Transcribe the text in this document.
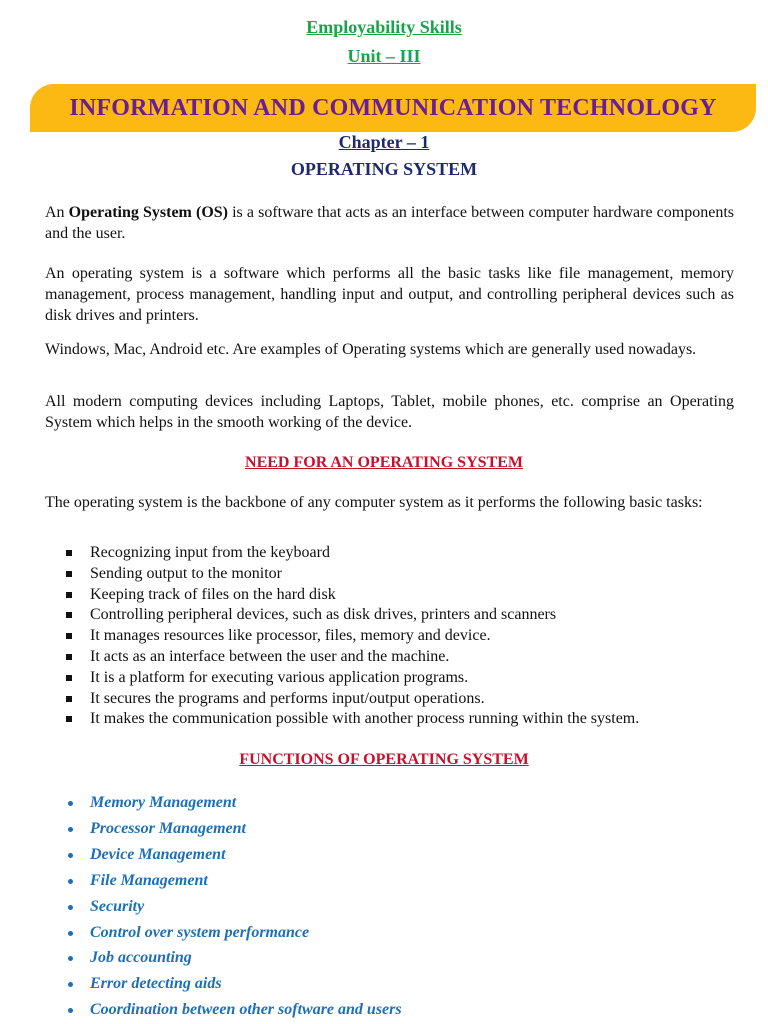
Employability Skills
Unit – III
INFORMATION AND COMMUNICATION TECHNOLOGY
Chapter – 1
OPERATING SYSTEM
An Operating System (OS) is a software that acts as an interface between computer hardware components and the user.
An operating system is a software which performs all the basic tasks like file management, memory management, process management, handling input and output, and controlling peripheral devices such as disk drives and printers.
Windows, Mac, Android etc. Are examples of Operating systems which are generally used nowadays.
All modern computing devices including Laptops, Tablet, mobile phones, etc. comprise an Operating System which helps in the smooth working of the device.
NEED FOR AN OPERATING SYSTEM
The operating system is the backbone of any computer system as it performs the following basic tasks:
Recognizing input from the keyboard
Sending output to the monitor
Keeping track of files on the hard disk
Controlling peripheral devices, such as disk drives, printers and scanners
It manages resources like processor, files, memory and device.
It acts as an interface between the user and the machine.
It is a platform for executing various application programs.
It secures the programs and performs input/output operations.
It makes the communication possible with another process running within the system.
FUNCTIONS OF OPERATING SYSTEM
Memory Management
Processor Management
Device Management
File Management
Security
Control over system performance
Job accounting
Error detecting aids
Coordination between other software and users
